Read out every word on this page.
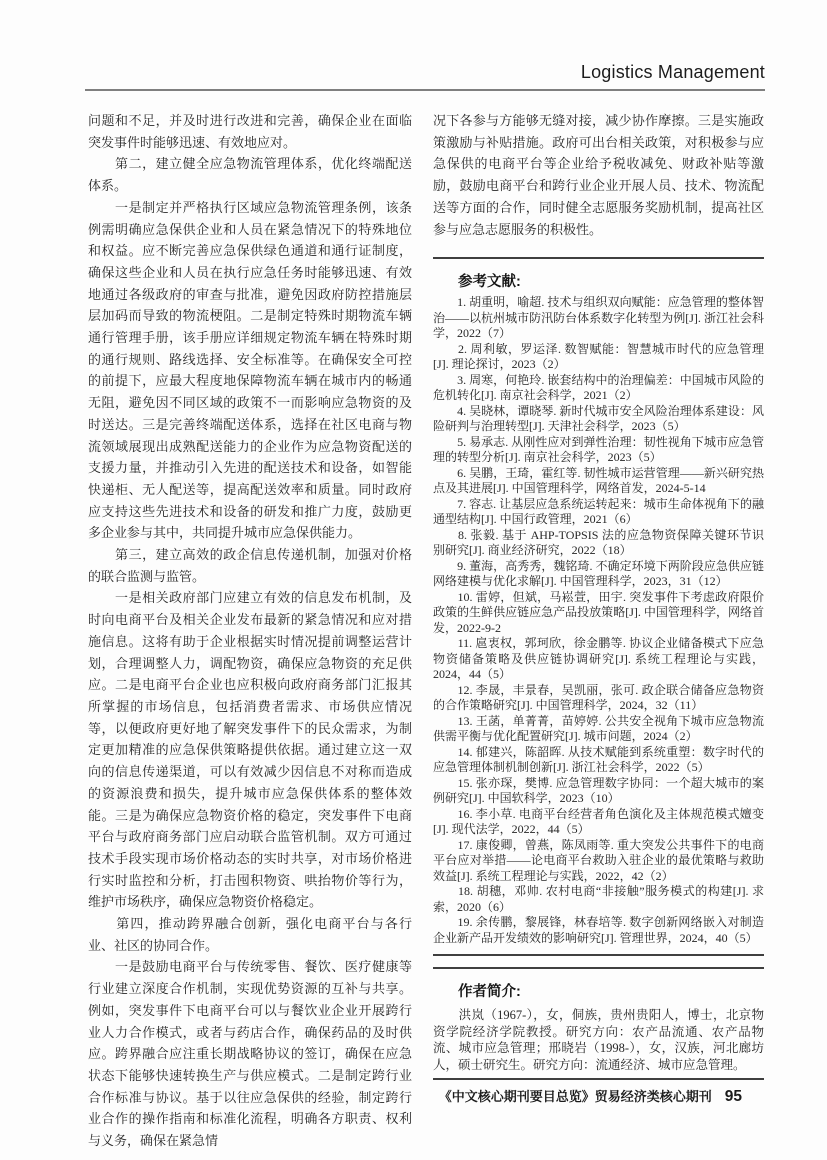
Logistics Management

问题和不足，并及时进行改进和完善，确保企业在面临突发事件时能够迅速、有效地应对。

　　第二，建立健全应急物流管理体系，优化终端配送体系。

　　一是制定并严格执行区域应急物流管理条例，该条例需明确应急保供企业和人员在紧急情况下的特殊地位和权益。应不断完善应急保供绿色通道和通行证制度，确保这些企业和人员在执行应急任务时能够迅速、有效地通过各级政府的审查与批准，避免因政府防控措施层层加码而导致的物流梗阻。二是制定特殊时期物流车辆通行管理手册，该手册应详细规定物流车辆在特殊时期的通行规则、路线选择、安全标准等。在确保安全可控的前提下，应最大程度地保障物流车辆在城市内的畅通无阻，避免因不同区域的政策不一而影响应急物资的及时送达。三是完善终端配送体系，选择在社区电商与物流领域展现出成熟配送能力的企业作为应急物资配送的支援力量，并推动引入先进的配送技术和设备，如智能快递柜、无人配送等，提高配送效率和质量。同时政府应支持这些先进技术和设备的研发和推广力度，鼓励更多企业参与其中，共同提升城市应急保供能力。

　　第三，建立高效的政企信息传递机制，加强对价格的联合监测与监管。

　　一是相关政府部门应建立有效的信息发布机制，及时向电商平台及相关企业发布最新的紧急情况和应对措施信息。这将有助于企业根据实时情况提前调整运营计划，合理调整人力，调配物资，确保应急物资的充足供应。二是电商平台企业也应积极向政府商务部门汇报其所掌握的市场信息，包括消费者需求、市场供应情况等，以便政府更好地了解突发事件下的民众需求，为制定更加精准的应急保供策略提供依据。通过建立这一双向的信息传递渠道，可以有效减少因信息不对称而造成的资源浪费和损失，提升城市应急保供体系的整体效能。三是为确保应急物资价格的稳定，突发事件下电商平台与政府商务部门应启动联合监管机制。双方可通过技术手段实现市场价格动态的实时共享，对市场价格进行实时监控和分析，打击囤积物资、哄抬物价等行为，维护市场秩序，确保应急物资价格稳定。

　　第四，推动跨界融合创新，强化电商平台与各行业、社区的协同合作。

　　一是鼓励电商平台与传统零售、餐饮、医疗健康等行业建立深度合作机制，实现优势资源的互补与共享。例如，突发事件下电商平台可以与餐饮业企业开展跨行业人力合作模式，或者与药店合作，确保药品的及时供应。跨界融合应注重长期战略协议的签订，确保在应急状态下能够快速转换生产与供应模式。二是制定跨行业合作标准与协议。基于以往应急保供的经验，制定跨行业合作的操作指南和标准化流程，明确各方职责、权利与义务，确保在紧急情

况下各参与方能够无缝对接，减少协作摩擦。三是实施政策激励与补贴措施。政府可出台相关政策，对积极参与应急保供的电商平台等企业给予税收减免、财政补贴等激励，鼓励电商平台和跨行业企业开展人员、技术、物流配送等方面的合作，同时健全志愿服务奖励机制，提高社区参与应急志愿服务的积极性。

参考文献:

　　1. 胡重明，喻超. 技术与组织双向赋能：应急管理的整体智治——以杭州城市防汛防台体系数字化转型为例[J]. 浙江社会科学，2022（7）

　　2. 周利敏，罗运泽. 数智赋能：智慧城市时代的应急管理[J]. 理论探讨，2023（2）

　　3. 周寒，何艳玲. 嵌套结构中的治理偏差：中国城市风险的危机转化[J]. 南京社会科学，2021（2）

　　4. 吴晓林，谭晓琴. 新时代城市安全风险治理体系建设：风险研判与治理转型[J]. 天津社会科学，2023（5）

　　5. 易承志. 从刚性应对到弹性治理：韧性视角下城市应急管理的转型分析[J]. 南京社会科学，2023（5）

　　6. 吴鹏，王琦，霍红等. 韧性城市运营管理——新兴研究热点及其进展[J]. 中国管理科学，网络首发，2024-5-14

　　7. 容志. 让基层应急系统运转起来：城市生命体视角下的融通型结构[J]. 中国行政管理，2021（6）

　　8. 张毅. 基于 AHP-TOPSIS 法的应急物资保障关键环节识别研究[J]. 商业经济研究，2022（18）

　　9. 董海，高秀秀，魏铭琦. 不确定环境下两阶段应急供应链网络建模与优化求解[J]. 中国管理科学，2023，31（12）

　　10. 雷婷，但斌，马崧萱，田宇. 突发事件下考虑政府限价政策的生鲜供应链应急产品投放策略[J]. 中国管理科学，网络首发，2022-9-2

　　11. 扈衷权，郭珂欣，徐金鹏等. 协议企业储备模式下应急物资储备策略及供应链协调研究[J]. 系统工程理论与实践，2024，44（5）

　　12. 李晟，丰景春，吴凯丽，张可. 政企联合储备应急物资的合作策略研究[J]. 中国管理科学，2024，32（11）

　　13. 王菡，单菁菁，苗婷婷. 公共安全视角下城市应急物流供需平衡与优化配置研究[J]. 城市问题，2024（2）

　　14. 郁建兴，陈韶晖. 从技术赋能到系统重塑：数字时代的应急管理体制机制创新[J]. 浙江社会科学，2022（5）

　　15. 张亦琛，樊博. 应急管理数字协同：一个超大城市的案例研究[J]. 中国软科学，2023（10）

　　16. 李小草. 电商平台经营者角色演化及主体规范模式嬗变[J]. 现代法学，2022，44（5）

　　17. 康俊卿，曾燕，陈凤雨等. 重大突发公共事件下的电商平台应对举措——论电商平台救助入驻企业的最优策略与救助效益[J]. 系统工程理论与实践，2022，42（2）

　　18. 胡穗，邓帅. 农村电商“非接触”服务模式的构建[J]. 求索，2020（6）

　　19. 余传鹏，黎展锋，林春培等. 数字创新网络嵌入对制造企业新产品开发绩效的影响研究[J]. 管理世界，2024，40（5）

作者简介:

　　洪岚（1967-），女，侗族，贵州贵阳人，博士，北京物资学院经济学院教授。研究方向：农产品流通、农产品物流、城市应急管理；邢晓岩（1998-），女，汉族，河北廊坊人，硕士研究生。研究方向：流通经济、城市应急管理。

《中文核心期刊要目总览》贸易经济类核心期刊 95
